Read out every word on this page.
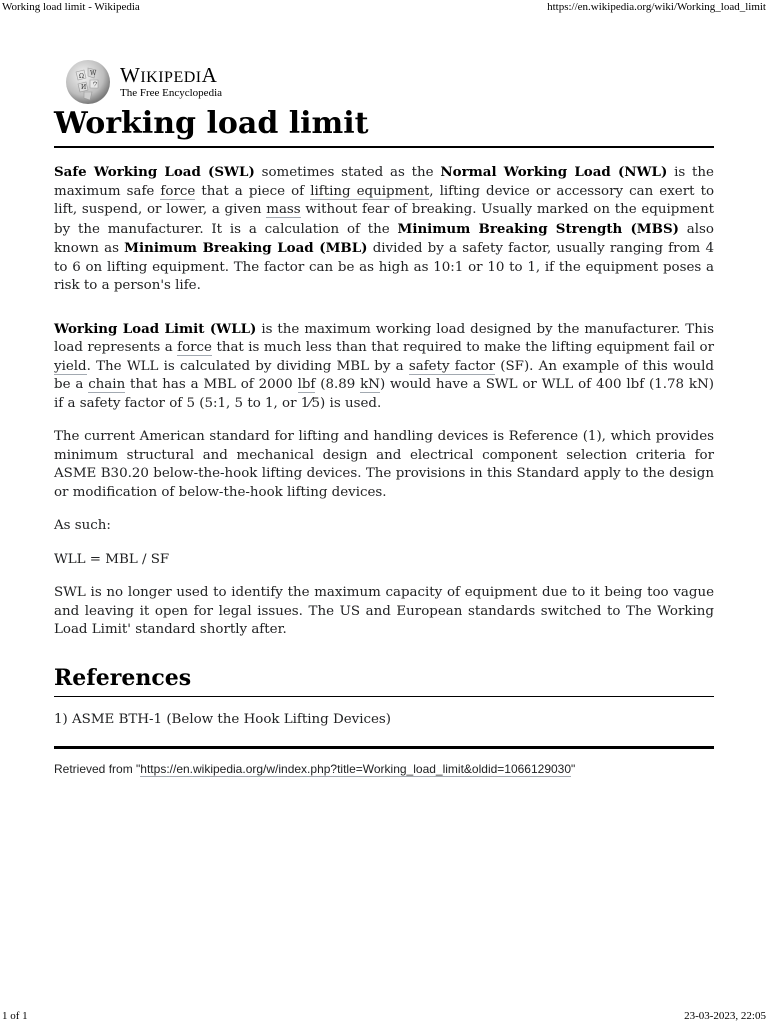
Working load limit - Wikipedia	https://en.wikipedia.org/wiki/Working_load_limit
Ω W
И ウ WIKIPEDIA
The Free Encyclopedia
Working load limit

Safe Working Load (SWL) sometimes stated as the Normal Working Load (NWL) is the maximum safe force that a piece of lifting equipment, lifting device or accessory can exert to lift, suspend, or lower, a given mass without fear of breaking. Usually marked on the equipment by the manufacturer. It is a calculation of the Minimum Breaking Strength (MBS) also known as Minimum Breaking Load (MBL) divided by a safety factor, usually ranging from 4 to 6 on lifting equipment. The factor can be as high as 10:1 or 10 to 1, if the equipment poses a risk to a person's life.

Working Load Limit (WLL) is the maximum working load designed by the manufacturer. This load represents a force that is much less than that required to make the lifting equipment fail or yield. The WLL is calculated by dividing MBL by a safety factor (SF). An example of this would be a chain that has a MBL of 2000 lbf (8.89 kN) would have a SWL or WLL of 400 lbf (1.78 kN) if a safety factor of 5 (5:1, 5 to 1, or 1⁄5) is used.

The current American standard for lifting and handling devices is Reference (1), which provides minimum structural and mechanical design and electrical component selection criteria for ASME B30.20 below-the-hook lifting devices. The provisions in this Standard apply to the design or modification of below-the-hook lifting devices.

As such:

WLL = MBL / SF

SWL is no longer used to identify the maximum capacity of equipment due to it being too vague and leaving it open for legal issues. The US and European standards switched to The Working Load Limit' standard shortly after.

References

1) ASME BTH-1 (Below the Hook Lifting Devices)

Retrieved from "https://en.wikipedia.org/w/index.php?title=Working_load_limit&oldid=1066129030"
1 of 1	23-03-2023, 22:05
